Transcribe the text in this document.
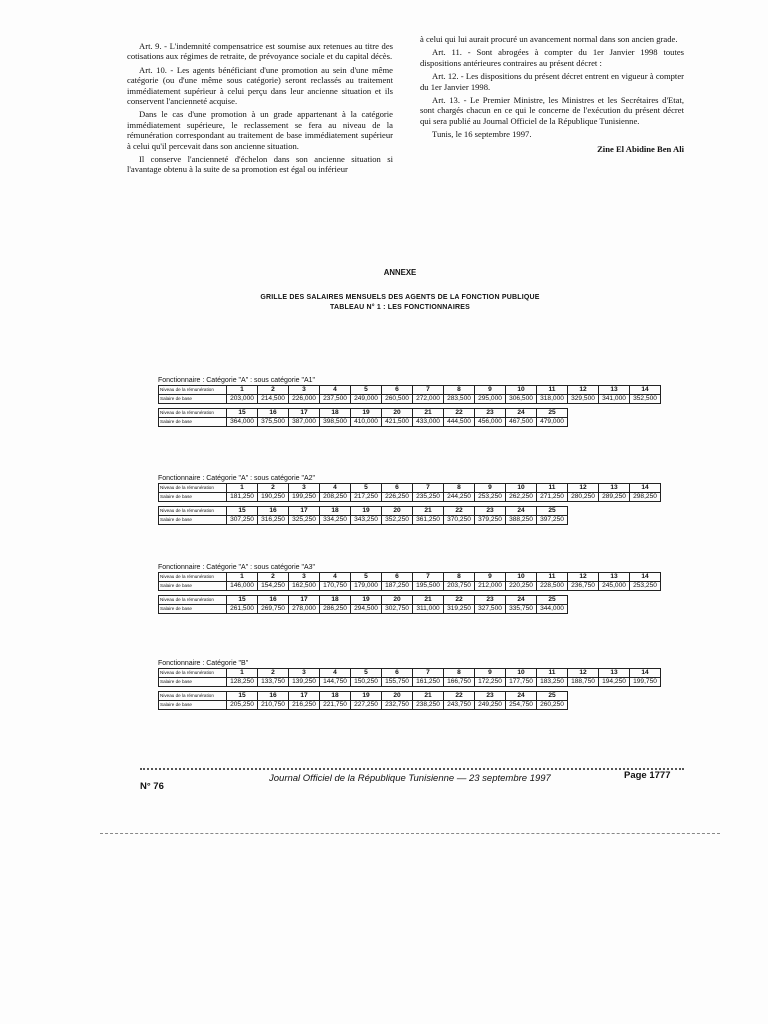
Art. 9. - L'indemnité compensatrice est soumise aux retenues au titre des cotisations aux régimes de retraite, de prévoyance sociale et du capital décès.

Art. 10. - Les agents bénéficiant d'une promotion au sein d'une même catégorie (ou d'une même sous catégorie) seront reclassés au traitement immédiatement supérieur à celui perçu dans leur ancienne situation et ils conservent l'ancienneté acquise.

Dans le cas d'une promotion à un grade appartenant à la catégorie immédiatement supérieure, le reclassement se fera au niveau de la rémunération correspondant au traitement de base immédiatement supérieur à celui qu'il percevait dans son ancienne situation.

Il conserve l'ancienneté d'échelon dans son ancienne situation si l'avantage obtenu à la suite de sa promotion est égal ou inférieur

à celui qui lui aurait procuré un avancement normal dans son ancien grade.

Art. 11. - Sont abrogées à compter du 1er Janvier 1998 toutes dispositions antérieures contraires au présent décret :

Art. 12. - Les dispositions du présent décret entrent en vigueur à compter du 1er Janvier 1998.

Art. 13. - Le Premier Ministre, les Ministres et les Secrétaires d'Etat, sont chargés chacun en ce qui le concerne de l'exécution du présent décret qui sera publié au Journal Officiel de la République Tunisienne.

Tunis, le 16 septembre 1997.

Zine El Abidine Ben Ali

ANNEXE
GRILLE DES SALAIRES MENSUELS DES AGENTS DE LA FONCTION PUBLIQUE
TABLEAU N° 1 : LES FONCTIONNAIRES
Fonctionnaire : Catégorie "A" : sous catégorie "A1"
Niveau de la rémunération	1	2	3	4	5	6	7	8	9	10	11	12	13	14
Salaire de base	203,000	214,500	226,000	237,500	249,000	260,500	272,000	283,500	295,000	306,500	318,000	329,500	341,000	352,500
Niveau de la rémunération	15	16	17	18	19	20	21	22	23	24	25
Salaire de base	364,000	375,500	387,000	398,500	410,000	421,500	433,000	444,500	456,000	467,500	479,000
Fonctionnaire : Catégorie "A" : sous catégorie "A2"
Niveau de la rémunération	1	2	3	4	5	6	7	8	9	10	11	12	13	14
Salaire de base	181,250	190,250	199,250	208,250	217,250	226,250	235,250	244,250	253,250	262,250	271,250	280,250	289,250	298,250
Niveau de la rémunération	15	16	17	18	19	20	21	22	23	24	25
Salaire de base	307,250	316,250	325,250	334,250	343,250	352,250	361,250	370,250	379,250	388,250	397,250
Fonctionnaire : Catégorie "A" : sous catégorie "A3"
Niveau de la rémunération	1	2	3	4	5	6	7	8	9	10	11	12	13	14
Salaire de base	146,000	154,250	162,500	170,750	179,000	187,250	195,500	203,750	212,000	220,250	228,500	236,750	245,000	253,250
Niveau de la rémunération	15	16	17	18	19	20	21	22	23	24	25
Salaire de base	261,500	269,750	278,000	286,250	294,500	302,750	311,000	319,250	327,500	335,750	344,000
Fonctionnaire : Catégorie "B"
Niveau de la rémunération	1	2	3	4	5	6	7	8	9	10	11	12	13	14
Salaire de base	128,250	133,750	139,250	144,750	150,250	155,750	161,250	166,750	172,250	177,750	183,250	188,750	194,250	199,750
Niveau de la rémunération	15	16	17	18	19	20	21	22	23	24	25
Salaire de base	205,250	210,750	216,250	221,750	227,250	232,750	238,250	243,750	249,250	254,750	260,250
N° 76
Journal Officiel de la République Tunisienne — 23 septembre 1997	Page 1777
